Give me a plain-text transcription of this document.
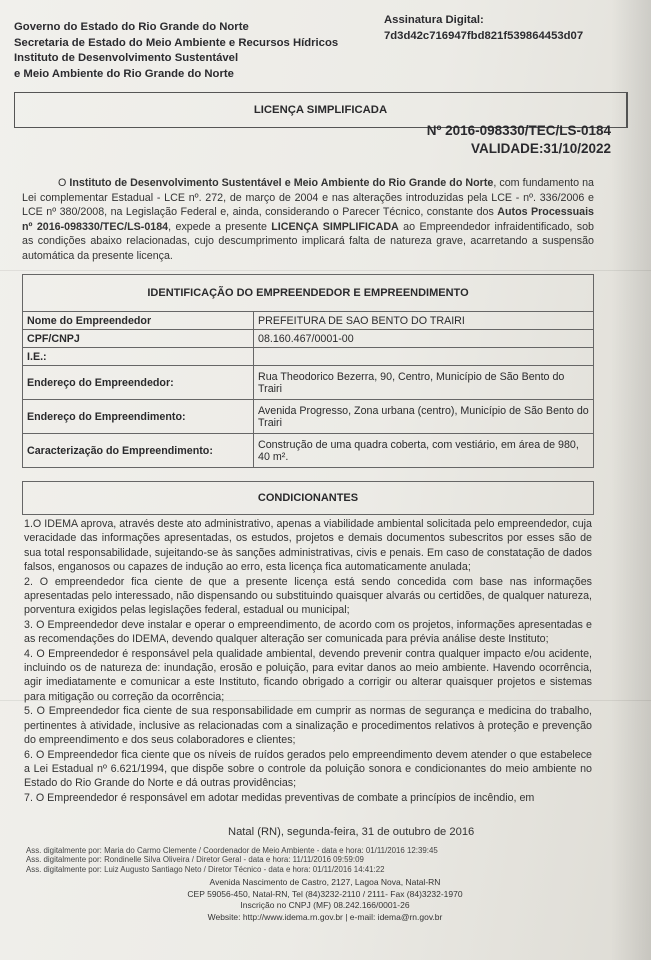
Governo do Estado do Rio Grande do Norte
Secretaria de Estado do Meio Ambiente e Recursos Hídricos
Instituto de Desenvolvimento Sustentável
e Meio Ambiente do Rio Grande do Norte
Assinatura Digital:
7d3d42c716947fbd821f539864453d07
LICENÇA SIMPLIFICADA
Nº 2016-098330/TEC/LS-0184
VALIDADE:31/10/2022
O Instituto de Desenvolvimento Sustentável e Meio Ambiente do Rio Grande do Norte, com fundamento na Lei complementar Estadual - LCE nº. 272, de março de 2004 e nas alterações introduzidas pela LCE - nº. 336/2006 e LCE nº 380/2008, na Legislação Federal e, ainda, considerando o Parecer Técnico, constante dos Autos Processuais nº 2016-098330/TEC/LS-0184, expede a presente LICENÇA SIMPLIFICADA ao Empreendedor infraidentificado, sob as condições abaixo relacionadas, cujo descumprimento implicará falta de natureza grave, acarretando a suspensão automática da presente licença.
IDENTIFICAÇÃO DO EMPREENDEDOR E EMPREENDIMENTO	
Nome do Empreendedor	PREFEITURA DE SAO BENTO DO TRAIRI
CPF/CNPJ	08.160.467/0001-00
I.E.:	
Endereço do Empreendedor:	Rua Theodorico Bezerra, 90, Centro, Município de São Bento do Trairi
Endereço do Empreendimento:	Avenida Progresso, Zona urbana (centro), Município de São Bento do Trairi
Caracterização do Empreendimento:	Construção de uma quadra coberta, com vestiário, em área de 980, 40 m².
CONDICIONANTES

1.O IDEMA aprova, através deste ato administrativo, apenas a viabilidade ambiental solicitada pelo empreendedor, cuja veracidade das informações apresentadas, os estudos, projetos e demais documentos subescritos por esses são de sua total responsabilidade, sujeitando-se às sanções administrativas, civis e penais. Em caso de constatação de dados falsos, enganosos ou capazes de indução ao erro, esta licença fica automaticamente anulada;

2. O empreendedor fica ciente de que a presente licença está sendo concedida com base nas informações apresentadas pelo interessado, não dispensando ou substituindo quaisquer alvarás ou certidões, de qualquer natureza, porventura exigidos pelas legislações federal, estadual ou municipal;

3. O Empreendedor deve instalar e operar o empreendimento, de acordo com os projetos, informações apresentadas e as recomendações do IDEMA, devendo qualquer alteração ser comunicada para prévia análise deste Instituto;

4. O Empreendedor é responsável pela qualidade ambiental, devendo prevenir contra qualquer impacto e/ou acidente, incluindo os de natureza de: inundação, erosão e poluição, para evitar danos ao meio ambiente. Havendo ocorrência, agir imediatamente e comunicar a este Instituto, ficando obrigado a corrigir ou alterar quaisquer projetos e sistemas para mitigação ou correção da ocorrência;

5. O Empreendedor fica ciente de sua responsabilidade em cumprir as normas de segurança e medicina do trabalho, pertinentes à atividade, inclusive as relacionadas com a sinalização e procedimentos relativos à proteção e prevenção do empreendimento e dos seus colaboradores e clientes;

6. O Empreendedor fica ciente que os níveis de ruídos gerados pelo empreendimento devem atender o que estabelece a Lei Estadual nº 6.621/1994, que dispõe sobre o controle da poluição sonora e condicionantes do meio ambiente no Estado do Rio Grande do Norte e dá outras providências;

7. O Empreendedor é responsável em adotar medidas preventivas de combate a princípios de incêndio, em

Natal (RN), segunda-feira, 31 de outubro de 2016
Ass. digitalmente por: Maria do Carmo Clemente / Coordenador de Meio Ambiente - data e hora: 01/11/2016 12:39:45
Ass. digitalmente por: Rondinelle Silva Oliveira / Diretor Geral - data e hora: 11/11/2016 09:59:09
Ass. digitalmente por: Luiz Augusto Santiago Neto / Diretor Técnico - data e hora: 01/11/2016 14:41:22
Avenida Nascimento de Castro, 2127, Lagoa Nova, Natal-RN
CEP 59056-450, Natal-RN, Tel (84)3232-2110 / 2111- Fax (84)3232-1970
Inscrição no CNPJ (MF) 08.242.166/0001-26
Website: http://www.idema.rn.gov.br | e-mail: idema@rn.gov.br
